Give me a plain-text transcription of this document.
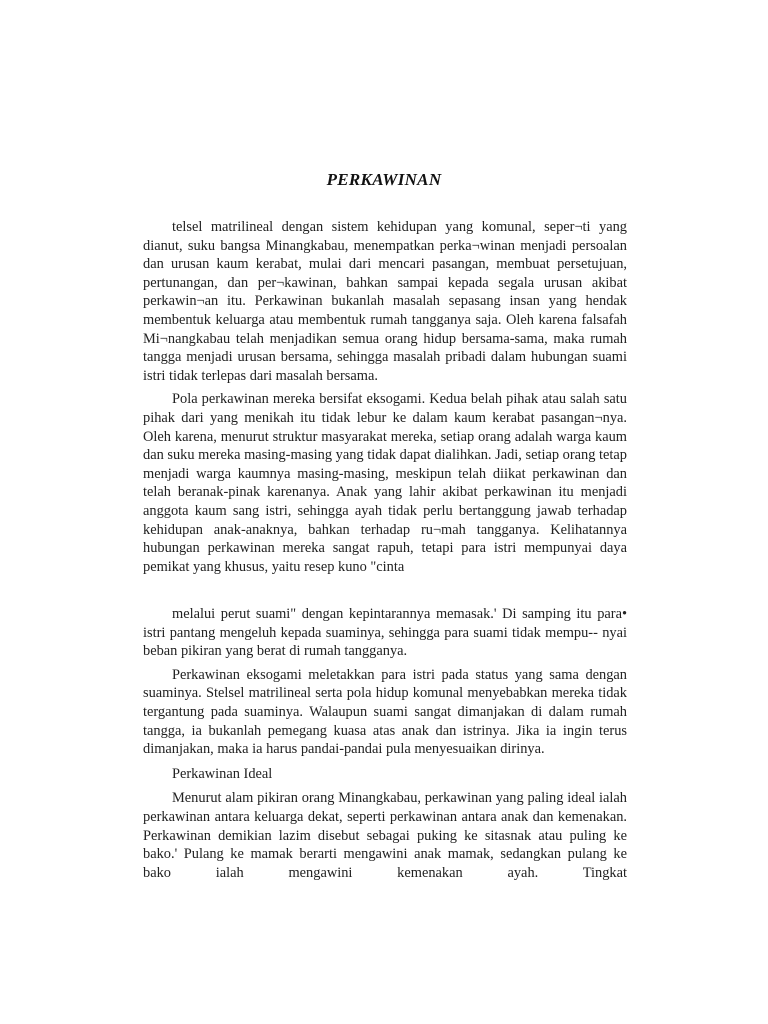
PERKAWINAN

telsel matrilineal dengan sistem kehidupan yang komunal, seper¬ti yang dianut, suku bangsa Minangkabau, menempatkan perka¬winan menjadi persoalan dan urusan kaum kerabat, mulai dari mencari pasangan, membuat persetujuan, pertunangan, dan per¬kawinan, bahkan sampai kepada segala urusan akibat perkawin¬an itu. Perkawinan bukanlah masalah sepasang insan yang hendak membentuk keluarga atau membentuk rumah tangganya saja. Oleh karena falsafah Mi¬nangkabau telah menjadikan semua orang hidup bersama-sama, maka rumah tangga menjadi urusan bersama, sehingga masalah pribadi dalam hubungan suami istri tidak terlepas dari masalah bersama.

Pola perkawinan mereka bersifat eksogami. Kedua belah pihak atau salah satu pihak dari yang menikah itu tidak lebur ke dalam kaum kerabat pasangan¬nya. Oleh karena, menurut struktur masyarakat mereka, setiap orang adalah warga kaum dan suku mereka masing-masing yang tidak dapat dialihkan. Jadi, setiap orang tetap menjadi warga kaumnya masing-masing, meskipun telah diikat perkawinan dan telah beranak-pinak karenanya. Anak yang lahir akibat perkawinan itu menjadi anggota kaum sang istri, sehingga ayah tidak perlu bertanggung jawab terhadap kehidupan anak-anaknya, bahkan terhadap ru¬mah tangganya. Kelihatannya hubungan perkawinan mereka sangat rapuh, tetapi para istri mempunyai daya pemikat yang khusus, yaitu resep kuno "cinta

melalui perut suami" dengan kepintarannya memasak.' Di samping itu para• istri pantang mengeluh kepada suaminya, sehingga para suami tidak mempu-- nyai beban pikiran yang berat di rumah tangganya.

Perkawinan eksogami meletakkan para istri pada status yang sama dengan suaminya. Stelsel matrilineal serta pola hidup komunal menyebabkan mereka tidak tergantung pada suaminya. Walaupun suami sangat dimanjakan di dalam rumah tangga, ia bukanlah pemegang kuasa atas anak dan istrinya. Jika ia ingin terus dimanjakan, maka ia harus pandai-pandai pula menyesuaikan dirinya.

Perkawinan Ideal

Menurut alam pikiran orang Minangkabau, perkawinan yang paling ideal ialah perkawinan antara keluarga dekat, seperti perkawinan antara anak dan kemenakan. Perkawinan demikian lazim disebut sebagai puking ke sitasnak atau puling ke bako.' Pulang ke mamak berarti mengawini anak mamak, sedangkan pulang ke bako ialah mengawini kemenakan ayah. Tingkat
